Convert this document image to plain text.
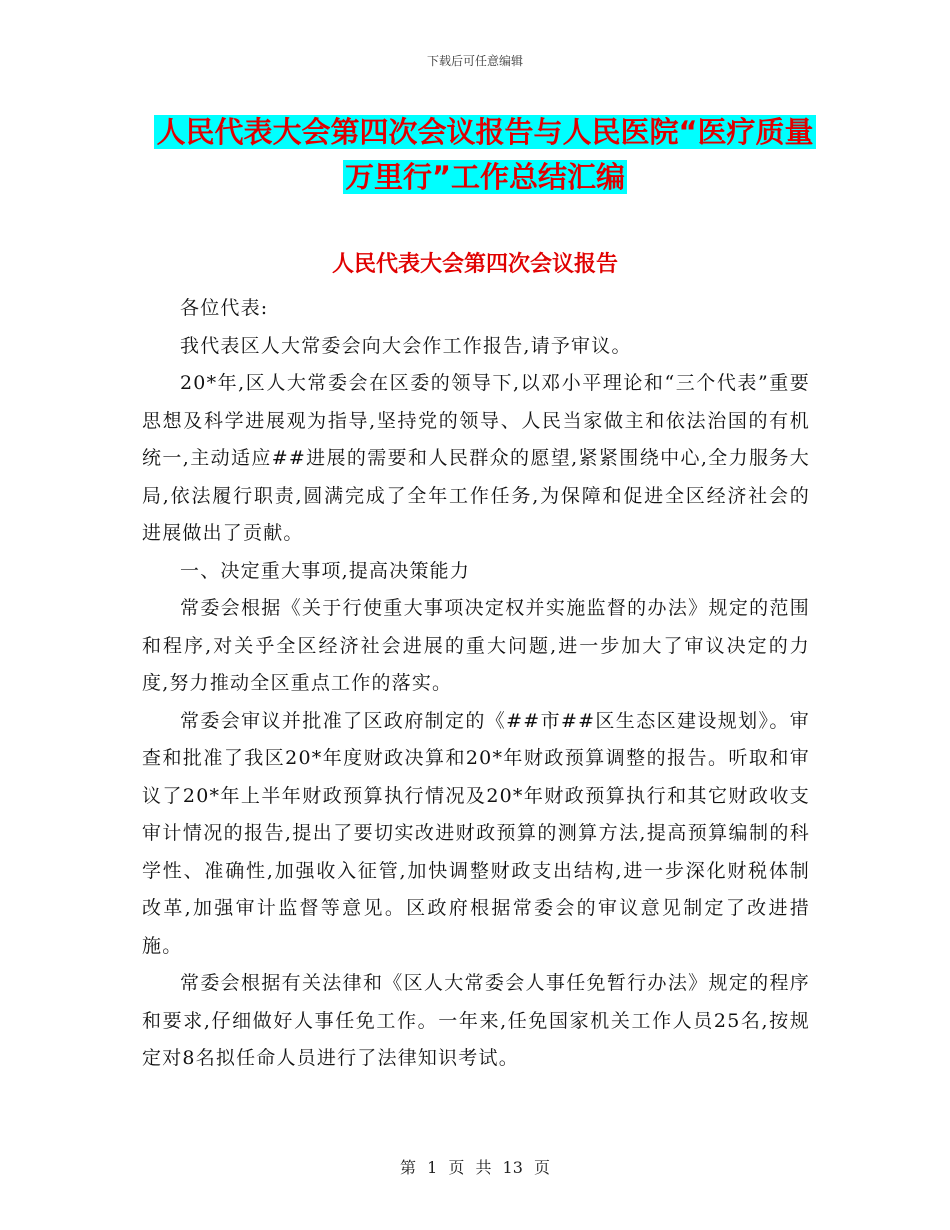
下载后可任意编辑
人民代表大会第四次会议报告与人民医院“医疗质量
万里行”工作总结汇编
人民代表大会第四次会议报告

各位代表:

我代表区人大常委会向大会作工作报告,请予审议。

20*年,区人大常委会在区委的领导下,以邓小平理论和“三个代表”重要思想及科学进展观为指导,坚持党的领导、人民当家做主和依法治国的有机统一,主动适应##进展的需要和人民群众的愿望,紧紧围绕中心,全力服务大局,依法履行职责,圆满完成了全年工作任务,为保障和促进全区经济社会的进展做出了贡献。

一、决定重大事项,提高决策能力

常委会根据《关于行使重大事项决定权并实施监督的办法》规定的范围和程序,对关乎全区经济社会进展的重大问题,进一步加大了审议决定的力度,努力推动全区重点工作的落实。

常委会审议并批准了区政府制定的《##市##区生态区建设规划》。审查和批准了我区20*年度财政决算和20*年财政预算调整的报告。听取和审议了20*年上半年财政预算执行情况及20*年财政预算执行和其它财政收支审计情况的报告,提出了要切实改进财政预算的测算方法,提高预算编制的科学性、准确性,加强收入征管,加快调整财政支出结构,进一步深化财税体制改革,加强审计监督等意见。区政府根据常委会的审议意见制定了改进措施。

常委会根据有关法律和《区人大常委会人事任免暂行办法》规定的程序和要求,仔细做好人事任免工作。一年来,任免国家机关工作人员25名,按规定对8名拟任命人员进行了法律知识考试。

第 1 页 共 13 页
